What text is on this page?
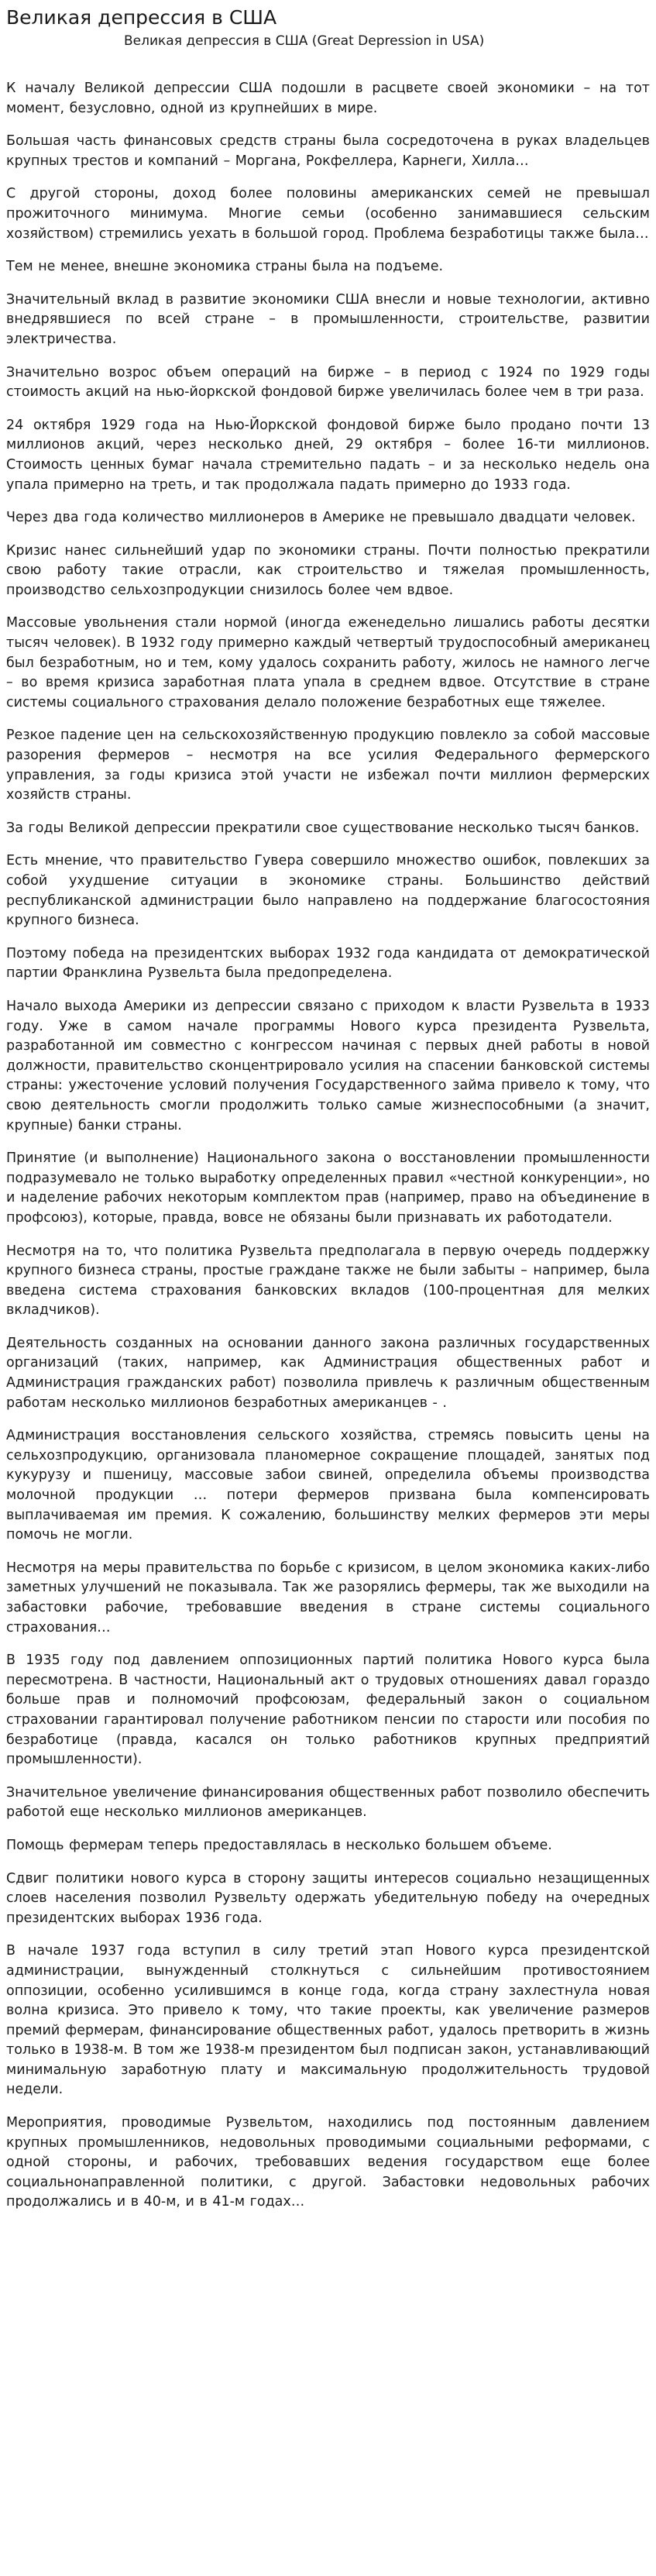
Великая депрессия в США
Великая депрессия в США (Great Depression in USA)

К началу Великой депрессии США подошли в расцвете своей экономики – на тот момент, безусловно, одной из крупнейших в мире.

Большая часть финансовых средств страны была сосредоточена в руках владельцев крупных трестов и компаний – Моргана, Рокфеллера, Карнеги, Хилла…

С другой стороны, доход более половины американских семей не превышал прожиточного минимума. Многие семьи (особенно занимавшиеся сельским хозяйством) стремились уехать в большой город. Проблема безработицы также была…

Тем не менее, внешне экономика страны была на подъеме.

Значительный вклад в развитие экономики США внесли и новые технологии, активно внедрявшиеся по всей стране – в промышленности, строительстве, развитии электричества.

Значительно возрос объем операций на бирже – в период с 1924 по 1929 годы стоимость акций на нью-йоркской фондовой бирже увеличилась более чем в три раза.

24 октября 1929 года на Нью-Йоркской фондовой бирже было продано почти 13 миллионов акций, через несколько дней, 29 октября – более 16-ти миллионов. Стоимость ценных бумаг начала стремительно падать – и за несколько недель она упала примерно на треть, и так продолжала падать примерно до 1933 года.

Через два года количество миллионеров в Америке не превышало двадцати человек.

Кризис нанес сильнейший удар по экономики страны. Почти полностью прекратили свою работу такие отрасли, как строительство и тяжелая промышленность, производство сельхозпродукции снизилось более чем вдвое.

Массовые увольнения стали нормой (иногда еженедельно лишались работы десятки тысяч человек). В 1932 году примерно каждый четвертый трудоспособный американец был безработным, но и тем, кому удалось сохранить работу, жилось не намного легче – во время кризиса заработная плата упала в среднем вдвое. Отсутствие в стране системы социального страхования делало положение безработных еще тяжелее.

Резкое падение цен на сельскохозяйственную продукцию повлекло за собой массовые разорения фермеров – несмотря на все усилия Федерального фермерского управления, за годы кризиса этой участи не избежал почти миллион фермерских хозяйств страны.

За годы Великой депрессии прекратили свое существование несколько тысяч банков.

Есть мнение, что правительство Гувера совершило множество ошибок, повлекших за собой ухудшение ситуации в экономике страны. Большинство действий республиканской администрации было направлено на поддержание благосостояния крупного бизнеса.

Поэтому победа на президентских выборах 1932 года кандидата от демократической партии Франклина Рузвельта была предопределена.

Начало выхода Америки из депрессии связано с приходом к власти Рузвельта в 1933 году. Уже в самом начале программы Нового курса президента Рузвельта, разработанной им совместно с конгрессом начиная с первых дней работы в новой должности, правительство сконцентрировало усилия на спасении банковской системы страны: ужесточение условий получения Государственного займа привело к тому, что свою деятельность смогли продолжить только самые жизнеспособными (а значит, крупные) банки страны.

Принятие (и выполнение) Национального закона о восстановлении промышленности подразумевало не только выработку определенных правил «честной конкуренции», но и наделение рабочих некоторым комплектом прав (например, право на объединение в профсоюз), которые, правда, вовсе не обязаны были признавать их работодатели.

Несмотря на то, что политика Рузвельта предполагала в первую очередь поддержку крупного бизнеса страны, простые граждане также не были забыты – например, была введена система страхования банковских вкладов (100-процентная для мелких вкладчиков).

Деятельность созданных на основании данного закона различных государственных организаций (таких, например, как Администрация общественных работ и Администрация гражданских работ) позволила привлечь к различным общественным работам несколько миллионов безработных американцев - .

Администрация восстановления сельского хозяйства, стремясь повысить цены на сельхозпродукцию, организовала планомерное сокращение площадей, занятых под кукурузу и пшеницу, массовые забои свиней, определила объемы производства молочной продукции … потери фермеров призвана была компенсировать выплачиваемая им премия. К сожалению, большинству мелких фермеров эти меры помочь не могли.

Несмотря на меры правительства по борьбе с кризисом, в целом экономика каких-либо заметных улучшений не показывала. Так же разорялись фермеры, так же выходили на забастовки рабочие, требовавшие введения в стране системы социального страхования…

В 1935 году под давлением оппозиционных партий политика Нового курса была пересмотрена. В частности, Национальный акт о трудовых отношениях давал гораздо больше прав и полномочий профсоюзам, федеральный закон о социальном страховании гарантировал получение работником пенсии по старости или пособия по безработице (правда, касался он только работников крупных предприятий промышленности).

Значительное увеличение финансирования общественных работ позволило обеспечить работой еще несколько миллионов американцев.

Помощь фермерам теперь предоставлялась в несколько большем объеме.

Сдвиг политики нового курса в сторону защиты интересов социально незащищенных слоев населения позволил Рузвельту одержать убедительную победу на очередных президентских выборах 1936 года.

В начале 1937 года вступил в силу третий этап Нового курса президентской администрации, вынужденный столкнуться с сильнейшим противостоянием оппозиции, особенно усилившимся в конце года, когда страну захлестнула новая волна кризиса. Это привело к тому, что такие проекты, как увеличение размеров премий фермерам, финансирование общественных работ, удалось претворить в жизнь только в 1938-м. В том же 1938-м президентом был подписан закон, устанавливающий минимальную заработную плату и максимальную продолжительность трудовой недели.

Мероприятия, проводимые Рузвельтом, находились под постоянным давлением крупных промышленников, недовольных проводимыми социальными реформами, с одной стороны, и рабочих, требовавших ведения государством еще более социальнонаправленной политики, с другой. Забастовки недовольных рабочих продолжались и в 40-м, и в 41-м годах…
